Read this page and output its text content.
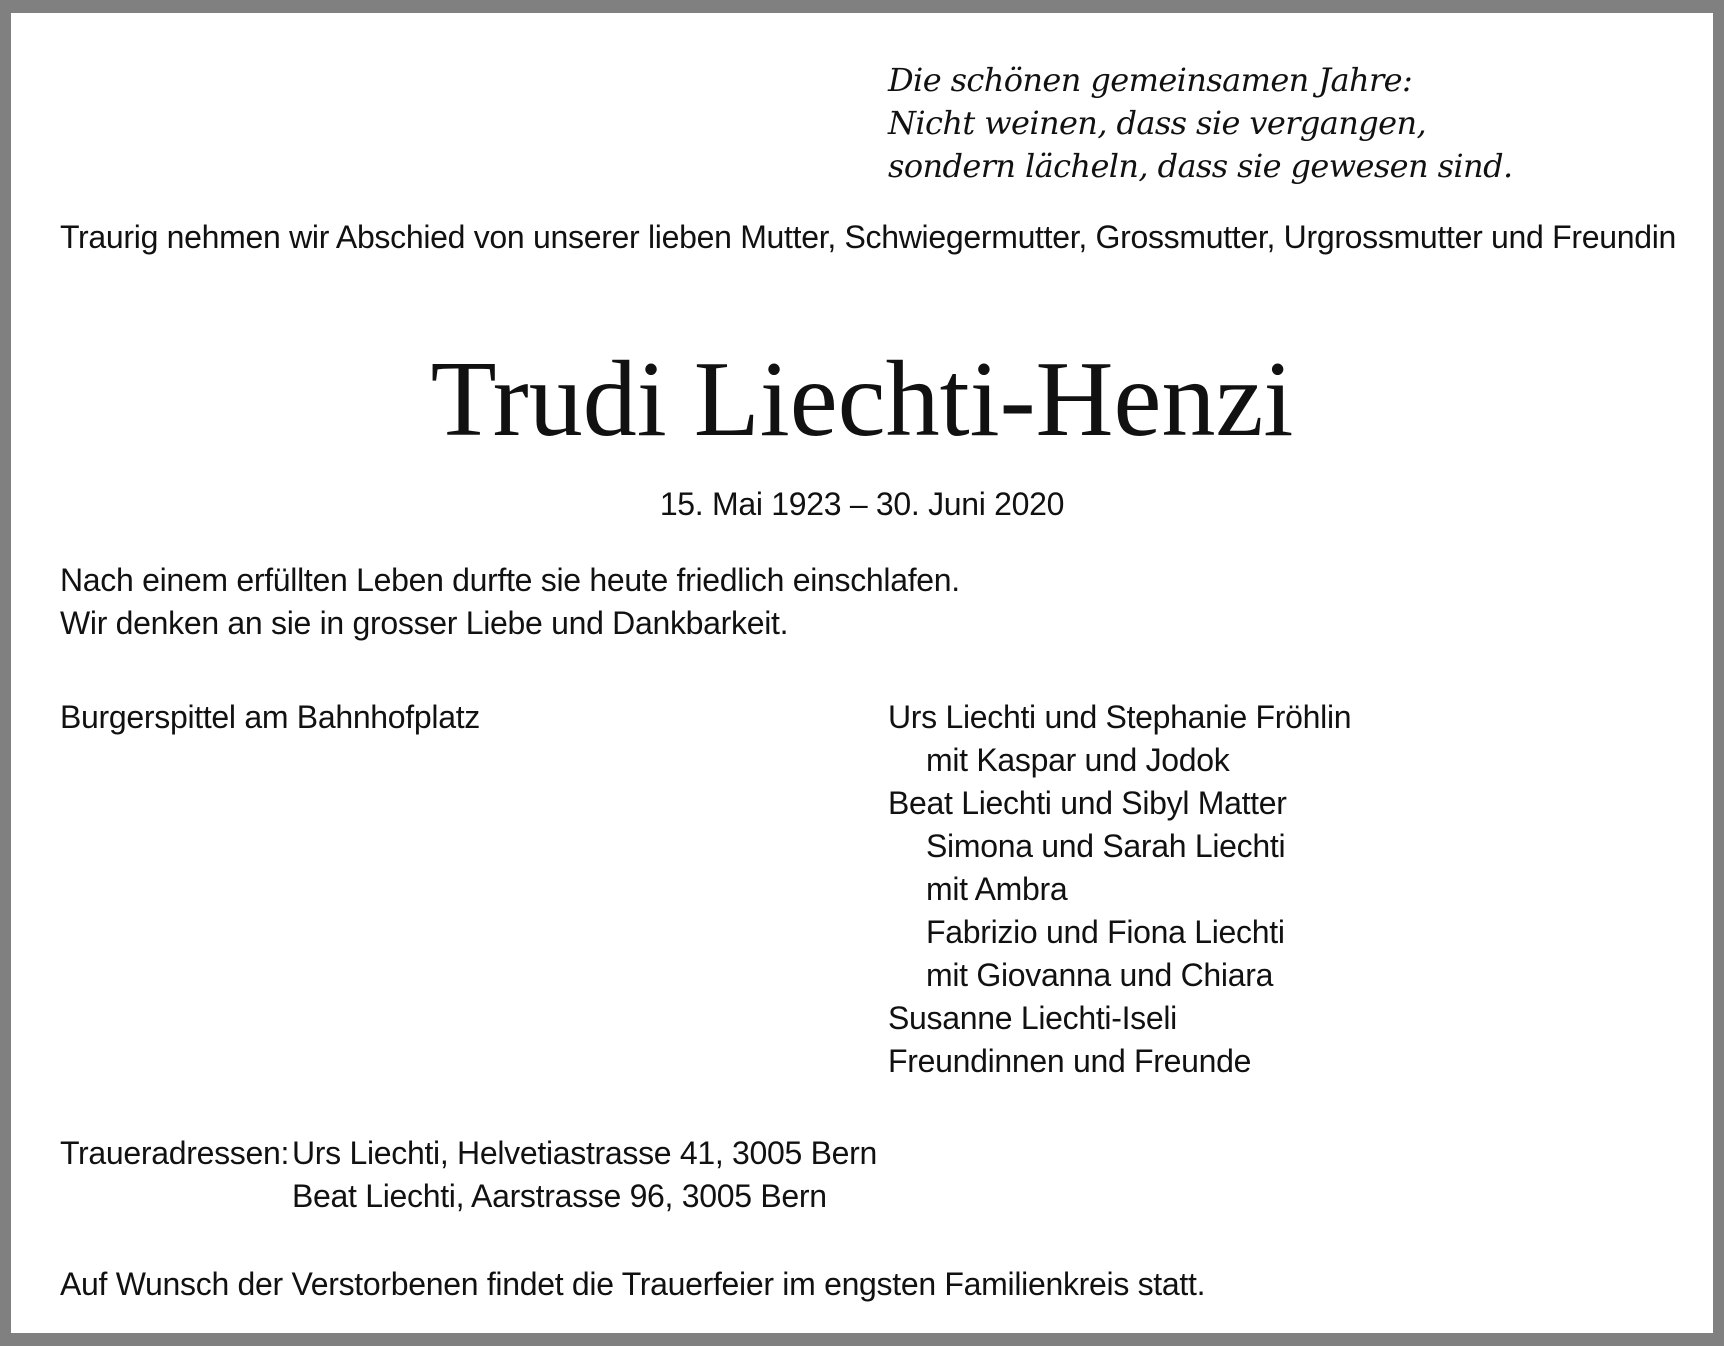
Die schönen gemeinsamen Jahre:
Nicht weinen, dass sie vergangen,
sondern lächeln, dass sie gewesen sind.
Traurig nehmen wir Abschied von unserer lieben Mutter, Schwiegermutter, Grossmutter, Urgrossmutter und Freundin
Trudi Liechti-Henzi
15. Mai 1923 – 30. Juni 2020
Nach einem erfüllten Leben durfte sie heute friedlich einschlafen.
Wir denken an sie in grosser Liebe und Dankbarkeit.
Burgerspittel am Bahnhofplatz	Urs Liechti und Stephanie Fröhlin
mit Kaspar und Jodok
Beat Liechti und Sibyl Matter
Simona und Sarah Liechti
mit Ambra
Fabrizio und Fiona Liechti
mit Giovanna und Chiara
Susanne Liechti-Iseli
Freundinnen und Freunde
Traueradressen: Urs Liechti, Helvetiastrasse 41, 3005 Bern
Beat Liechti, Aarstrasse 96, 3005 Bern
Auf Wunsch der Verstorbenen findet die Trauerfeier im engsten Familienkreis statt.
